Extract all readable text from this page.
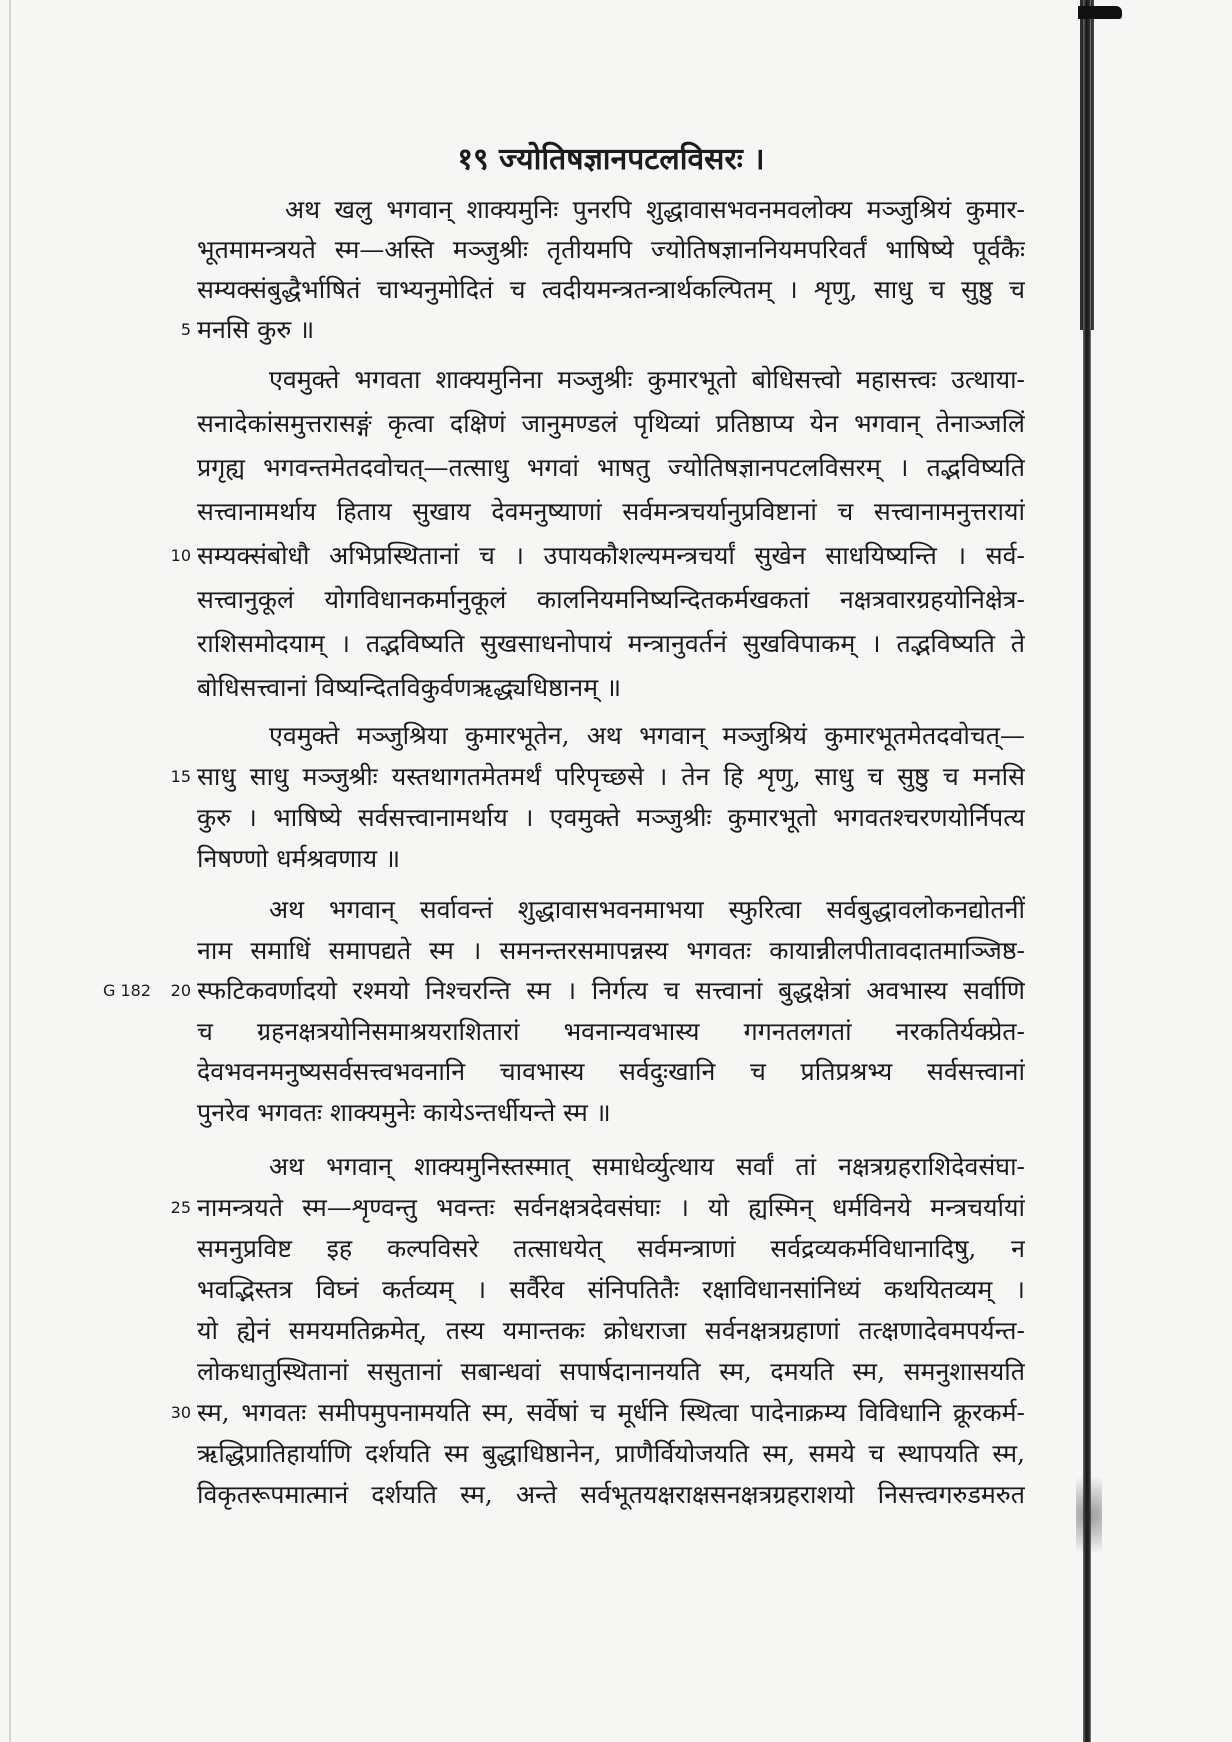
१९ ज्योतिषज्ञानपटलविसरः ।
अथ खलु भगवान् शाक्यमुनिः पुनरपि शुद्धावासभवनमवलोक्य मञ्जुश्रियं कुमार-
भूतमामन्त्रयते स्म—अस्ति मञ्जुश्रीः तृतीयमपि ज्योतिषज्ञाननियमपरिवर्तं भाषिष्ये पूर्वकैः
सम्यक्संबुद्धैर्भाषितं चाभ्यनुमोदितं च त्वदीयमन्त्रतन्त्रार्थकल्पितम् । शृणु, साधु च सुष्ठु च
5 मनसि कुरु ॥
एवमुक्ते भगवता शाक्यमुनिना मञ्जुश्रीः कुमारभूतो बोधिसत्त्वो महासत्त्वः उत्थाया-
सनादेकांसमुत्तरासङ्गं कृत्वा दक्षिणं जानुमण्डलं पृथिव्यां प्रतिष्ठाप्य येन भगवान् तेनाञ्जलिं
प्रगृह्य भगवन्तमेतदवोचत्—तत्साधु भगवां भाषतु ज्योतिषज्ञानपटलविसरम् । तद्भविष्यति
सत्त्वानामर्थाय हिताय सुखाय देवमनुष्याणां सर्वमन्त्रचर्यानुप्रविष्टानां च सत्त्वानामनुत्तरायां
10 सम्यक्संबोधौ अभिप्रस्थितानां च । उपायकौशल्यमन्त्रचर्यां सुखेन साधयिष्यन्ति । सर्व-
सत्त्वानुकूलं योगविधानकर्मानुकूलं कालनियमनिष्यन्दितकर्मखकतां नक्षत्रवारग्रहयोनिक्षेत्र-
राशिसमोदयाम् । तद्भविष्यति सुखसाधनोपायं मन्त्रानुवर्तनं सुखविपाकम् । तद्भविष्यति ते
बोधिसत्त्वानां विष्यन्दितविकुर्वणऋद्ध्यधिष्ठानम् ॥
एवमुक्ते मञ्जुश्रिया कुमारभूतेन, अथ भगवान् मञ्जुश्रियं कुमारभूतमेतदवोचत्—
15 साधु साधु मञ्जुश्रीः यस्तथागतमेतमर्थं परिपृच्छसे । तेन हि शृणु, साधु च सुष्ठु च मनसि
कुरु । भाषिष्ये सर्वसत्त्वानामर्थाय । एवमुक्ते मञ्जुश्रीः कुमारभूतो भगवतश्चरणयोर्निपत्य
निषण्णो धर्मश्रवणाय ॥
अथ भगवान् सर्वावन्तं शुद्धावासभवनमाभया स्फुरित्वा सर्वबुद्धावलोकनद्योतनीं
नाम समाधिं समापद्यते स्म । समनन्तरसमापन्नस्य भगवतः कायान्नीलपीतावदातमाञ्जिष्ठ-
G 182 20 स्फटिकवर्णादयो रश्मयो निश्चरन्ति स्म । निर्गत्य च सत्त्वानां बुद्धक्षेत्रां अवभास्य सर्वाणि
च ग्रहनक्षत्रयोनिसमाश्रयराशितारां भवनान्यवभास्य गगनतलगतां नरकतिर्यक्प्रेत-
देवभवनमनुष्यसर्वसत्त्वभवनानि चावभास्य सर्वदुःखानि च प्रतिप्रश्रभ्य सर्वसत्त्वानां
पुनरेव भगवतः शाक्यमुनेः कायेऽन्तर्धीयन्ते स्म ॥
अथ भगवान् शाक्यमुनिस्तस्मात् समाधेर्व्युत्थाय सर्वां तां नक्षत्रग्रहराशिदेवसंघा-
25 नामन्त्रयते स्म—शृण्वन्तु भवन्तः सर्वनक्षत्रदेवसंघाः । यो ह्यस्मिन् धर्मविनये मन्त्रचर्यायां
समनुप्रविष्ट इह कल्पविसरे तत्साधयेत् सर्वमन्त्राणां सर्वद्रव्यकर्मविधानादिषु, न
भवद्भिस्तत्र विघ्नं कर्तव्यम् । सर्वैरेव संनिपतितैः रक्षाविधानसांनिध्यं कथयितव्यम् ।
यो ह्येनं समयमतिक्रमेत्, तस्य यमान्तकः क्रोधराजा सर्वनक्षत्रग्रहाणां तत्क्षणादेवमपर्यन्त-
लोकधातुस्थितानां ससुतानां सबान्धवां सपार्षदानानयति स्म, दमयति स्म, समनुशासयति
30 स्म, भगवतः समीपमुपनामयति स्म, सर्वेषां च मूर्धनि स्थित्वा पादेनाक्रम्य विविधानि क्रूरकर्म-
ऋद्धिप्रातिहार्याणि दर्शयति स्म बुद्धाधिष्ठानेन, प्राणैर्वियोजयति स्म, समये च स्थापयति स्म,
विकृतरूपमात्मानं दर्शयति स्म, अन्ते सर्वभूतयक्षराक्षसनक्षत्रग्रहराशयो निसत्त्वगरुडमरुत
